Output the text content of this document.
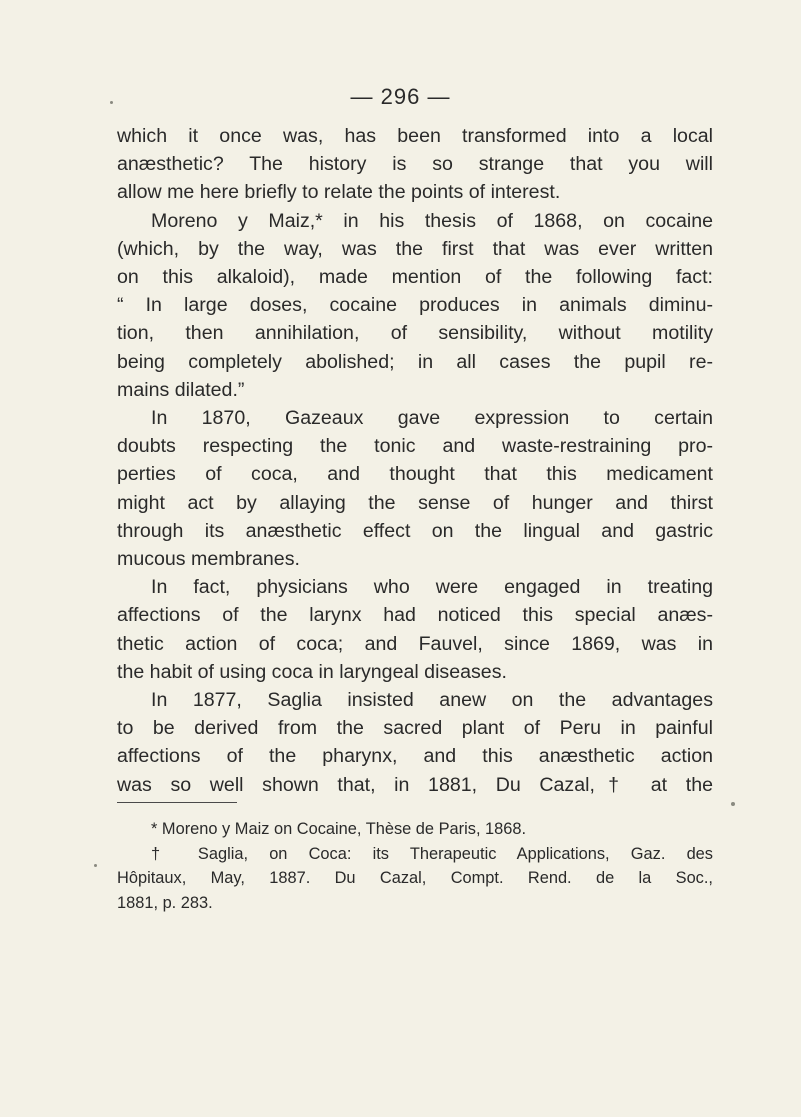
— 296 —
which it once was, has been transformed into a local
anæsthetic? The history is so strange that you will
allow me here briefly to relate the points of interest.
Moreno y Maiz,* in his thesis of 1868, on cocaine
(which, by the way, was the first that was ever written
on this alkaloid), made mention of the following fact:
“ In large doses, cocaine produces in animals diminu-
tion, then annihilation, of sensibility, without motility
being completely abolished; in all cases the pupil re-
mains dilated.”
In 1870, Gazeaux gave expression to certain
doubts respecting the tonic and waste-restraining pro-
perties of coca, and thought that this medicament
might act by allaying the sense of hunger and thirst
through its anæsthetic effect on the lingual and gastric
mucous membranes.
In fact, physicians who were engaged in treating
affections of the larynx had noticed this special anæs-
thetic action of coca; and Fauvel, since 1869, was in
the habit of using coca in laryngeal diseases.
In 1877, Saglia insisted anew on the advantages
to be derived from the sacred plant of Peru in painful
affections of the pharynx, and this anæsthetic action
was so well shown that, in 1881, Du Cazal,† at the
* Moreno y Maiz on Cocaine, Thèse de Paris, 1868.
† Saglia, on Coca: its Therapeutic Applications, Gaz. des
Hôpitaux, May, 1887. Du Cazal, Compt. Rend. de la Soc.,
1881, p. 283.
